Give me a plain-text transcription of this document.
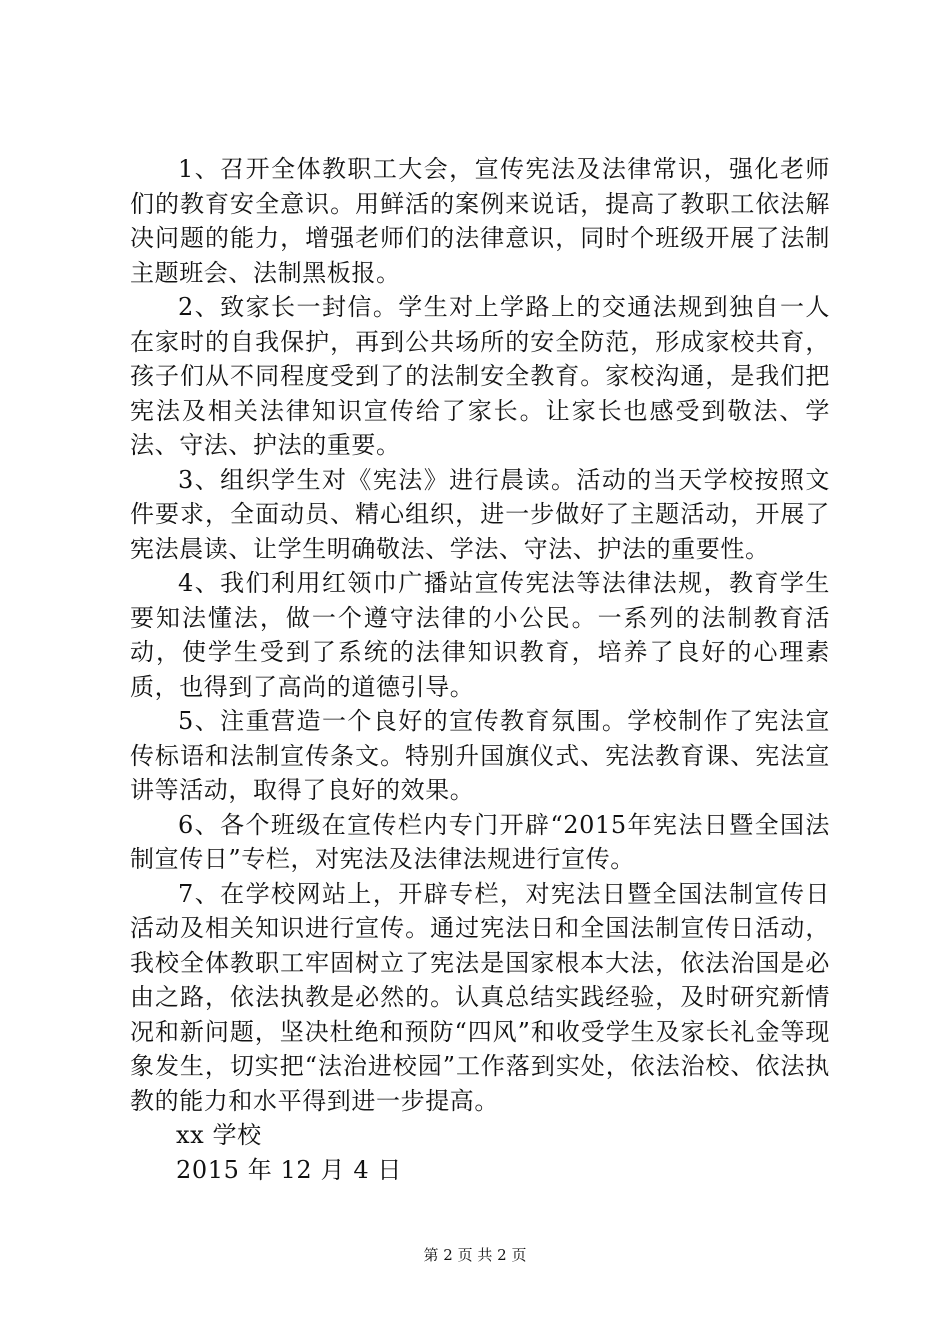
1、召开全体教职工大会，宣传宪法及法律常识，强化老师们的教育安全意识。用鲜活的案例来说话，提高了教职工依法解决问题的能力，增强老师们的法律意识，同时个班级开展了法制主题班会、法制黑板报。

2、致家长一封信。学生对上学路上的交通法规到独自一人在家时的自我保护，再到公共场所的安全防范，形成家校共育，孩子们从不同程度受到了的法制安全教育。家校沟通，是我们把宪法及相关法律知识宣传给了家长。让家长也感受到敬法、学法、守法、护法的重要。

3、组织学生对《宪法》进行晨读。活动的当天学校按照文件要求，全面动员、精心组织，进一步做好了主题活动，开展了宪法晨读、让学生明确敬法、学法、守法、护法的重要性。

4、我们利用红领巾广播站宣传宪法等法律法规，教育学生要知法懂法，做一个遵守法律的小公民。一系列的法制教育活动，使学生受到了系统的法律知识教育，培养了良好的心理素质，也得到了高尚的道德引导。

5、注重营造一个良好的宣传教育氛围。学校制作了宪法宣传标语和法制宣传条文。特别升国旗仪式、宪法教育课、宪法宣讲等活动，取得了良好的效果。

6、各个班级在宣传栏内专门开辟“2015年宪法日暨全国法制宣传日”专栏，对宪法及法律法规进行宣传。

7、在学校网站上，开辟专栏，对宪法日暨全国法制宣传日活动及相关知识进行宣传。通过宪法日和全国法制宣传日活动，我校全体教职工牢固树立了宪法是国家根本大法，依法治国是必由之路，依法执教是必然的。认真总结实践经验，及时研究新情况和新问题，坚决杜绝和预防“四风”和收受学生及家长礼金等现象发生，切实把“法治进校园”工作落到实处，依法治校、依法执教的能力和水平得到进一步提高。

xx 学校

2015 年 12 月 4 日

第 2 页 共 2 页
